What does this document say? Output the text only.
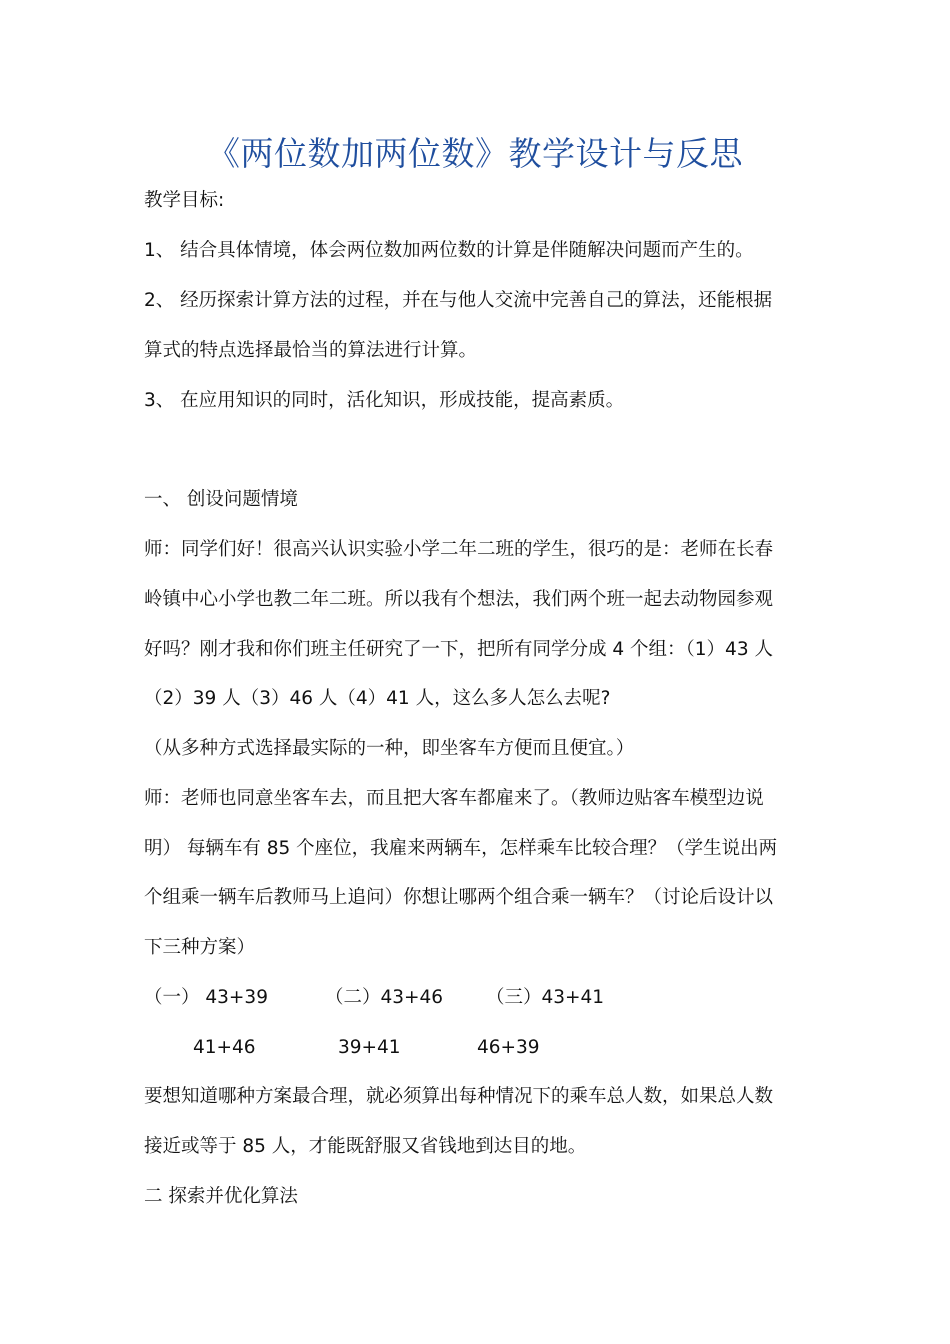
《两位数加两位数》教学设计与反思
教学目标:
1、 结合具体情境，体会两位数加两位数的计算是伴随解决问题而产生的。
2、 经历探索计算方法的过程，并在与他人交流中完善自己的算法，还能根据
算式的特点选择最恰当的算法进行计算。
3、 在应用知识的同时，活化知识，形成技能，提高素质。
一、 创设问题情境
师：同学们好！很高兴认识实验小学二年二班的学生，很巧的是：老师在长春
岭镇中心小学也教二年二班。所以我有个想法，我们两个班一起去动物园参观
好吗？刚才我和你们班主任研究了一下，把所有同学分成 4 个组：（1）43 人
（2）39 人（3）46 人（4）41 人，这么多人怎么去呢?
（从多种方式选择最实际的一种，即坐客车方便而且便宜。）
师：老师也同意坐客车去，而且把大客车都雇来了。（教师边贴客车模型边说
明） 每辆车有 85 个座位，我雇来两辆车，怎样乘车比较合理？（学生说出两
个组乘一辆车后教师马上追问）你想让哪两个组合乘一辆车？（讨论后设计以
下三种方案）
（一） 43+39	（二）43+46 （三）43+41
41+46	39+41	46+39
要想知道哪种方案最合理，就必须算出每种情况下的乘车总人数，如果总人数
接近或等于 85 人，才能既舒服又省钱地到达目的地。
二 探索并优化算法
